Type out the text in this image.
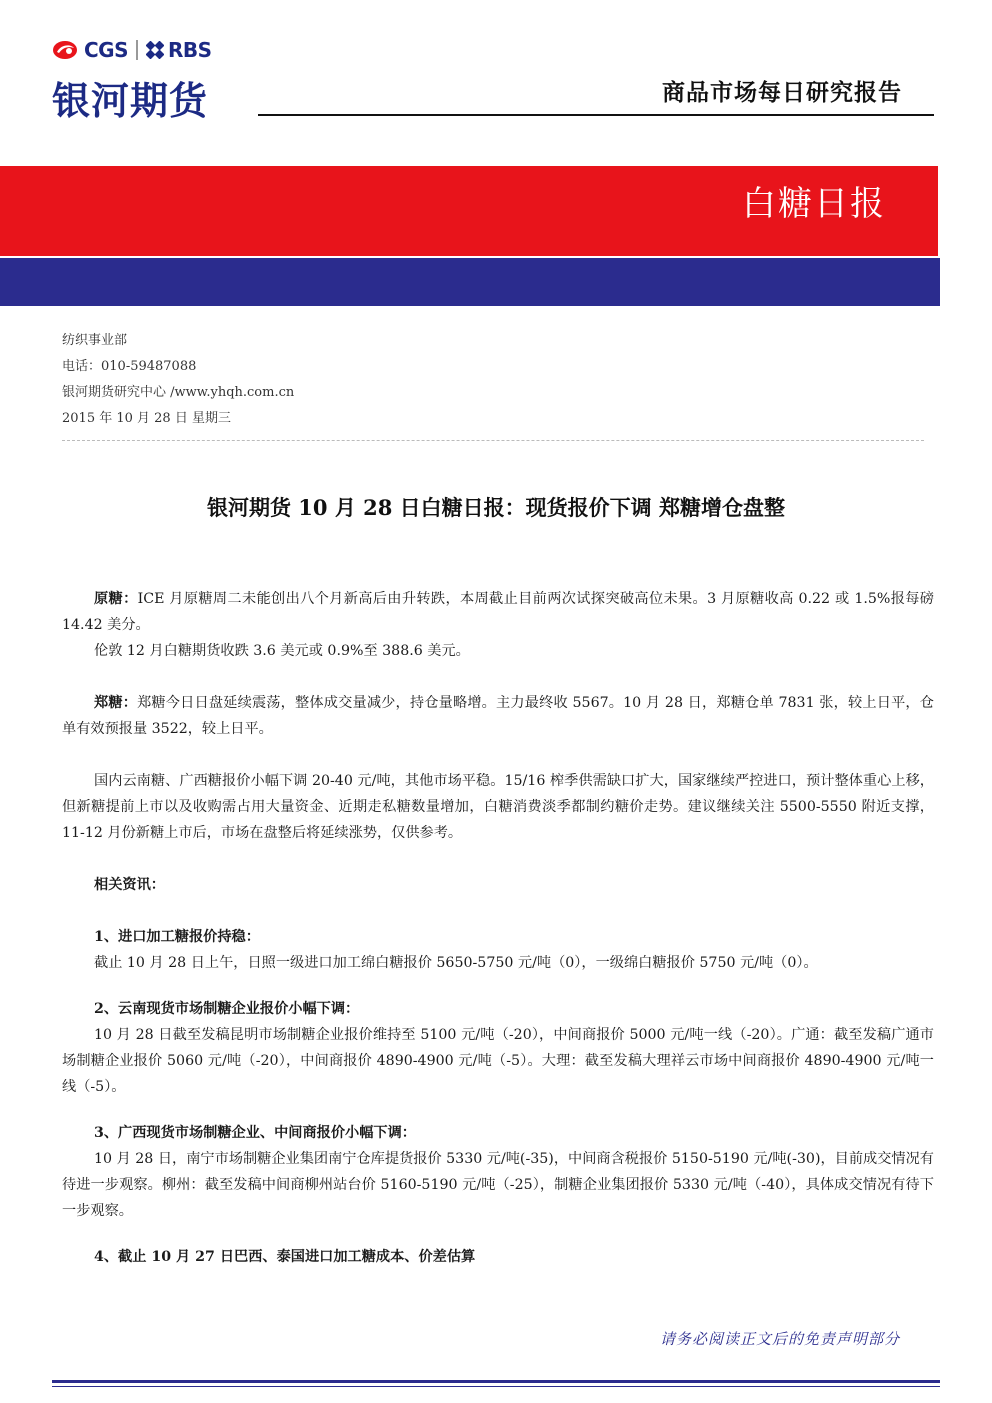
CGS RBS
银河期货	商品市场每日研究报告
白糖日报
纺织事业部
电话：010-59487088
银河期货研究中心 /www.yhqh.com.cn
2015 年 10 月 28 日 星期三
银河期货 10 月 28 日白糖日报：现货报价下调 郑糖增仓盘整
原糖：ICE 月原糖周二未能创出八个月新高后由升转跌，本周截止目前两次试探突破高位未果。3 月原糖收高 0.22 或 1.5%报每磅 14.42 美分。
伦敦 12 月白糖期货收跌 3.6 美元或 0.9%至 388.6 美元。
郑糖：郑糖今日日盘延续震荡，整体成交量减少，持仓量略增。主力最终收 5567。10 月 28 日，郑糖仓单 7831 张，较上日平，仓单有效预报量 3522，较上日平。
国内云南糖、广西糖报价小幅下调 20-40 元/吨，其他市场平稳。15/16 榨季供需缺口扩大，国家继续严控进口，预计整体重心上移，但新糖提前上市以及收购需占用大量资金、近期走私糖数量增加，白糖消费淡季都制约糖价走势。建议继续关注 5500-5550 附近支撑， 11-12 月份新糖上市后，市场在盘整后将延续涨势，仅供参考。
相关资讯：
1、进口加工糖报价持稳：
截止 10 月 28 日上午，日照一级进口加工绵白糖报价 5650-5750 元/吨（0），一级绵白糖报价 5750 元/吨（0）。
2、云南现货市场制糖企业报价小幅下调：
10 月 28 日截至发稿昆明市场制糖企业报价维持至 5100 元/吨（-20），中间商报价 5000 元/吨一线（-20）。广通：截至发稿广通市场制糖企业报价 5060 元/吨（-20），中间商报价 4890-4900 元/吨（-5）。大理：截至发稿大理祥云市场中间商报价 4890-4900 元/吨一线（-5）。
3、广西现货市场制糖企业、中间商报价小幅下调：
10 月 28 日，南宁市场制糖企业集团南宁仓库提货报价 5330 元/吨(-35)，中间商含税报价 5150-5190 元/吨(-30)，目前成交情况有待进一步观察。柳州：截至发稿中间商柳州站台价 5160-5190 元/吨（-25），制糖企业集团报价 5330 元/吨（-40），具体成交情况有待下一步观察。
4、截止 10 月 27 日巴西、泰国进口加工糖成本、价差估算
请务必阅读正文后的免责声明部分
